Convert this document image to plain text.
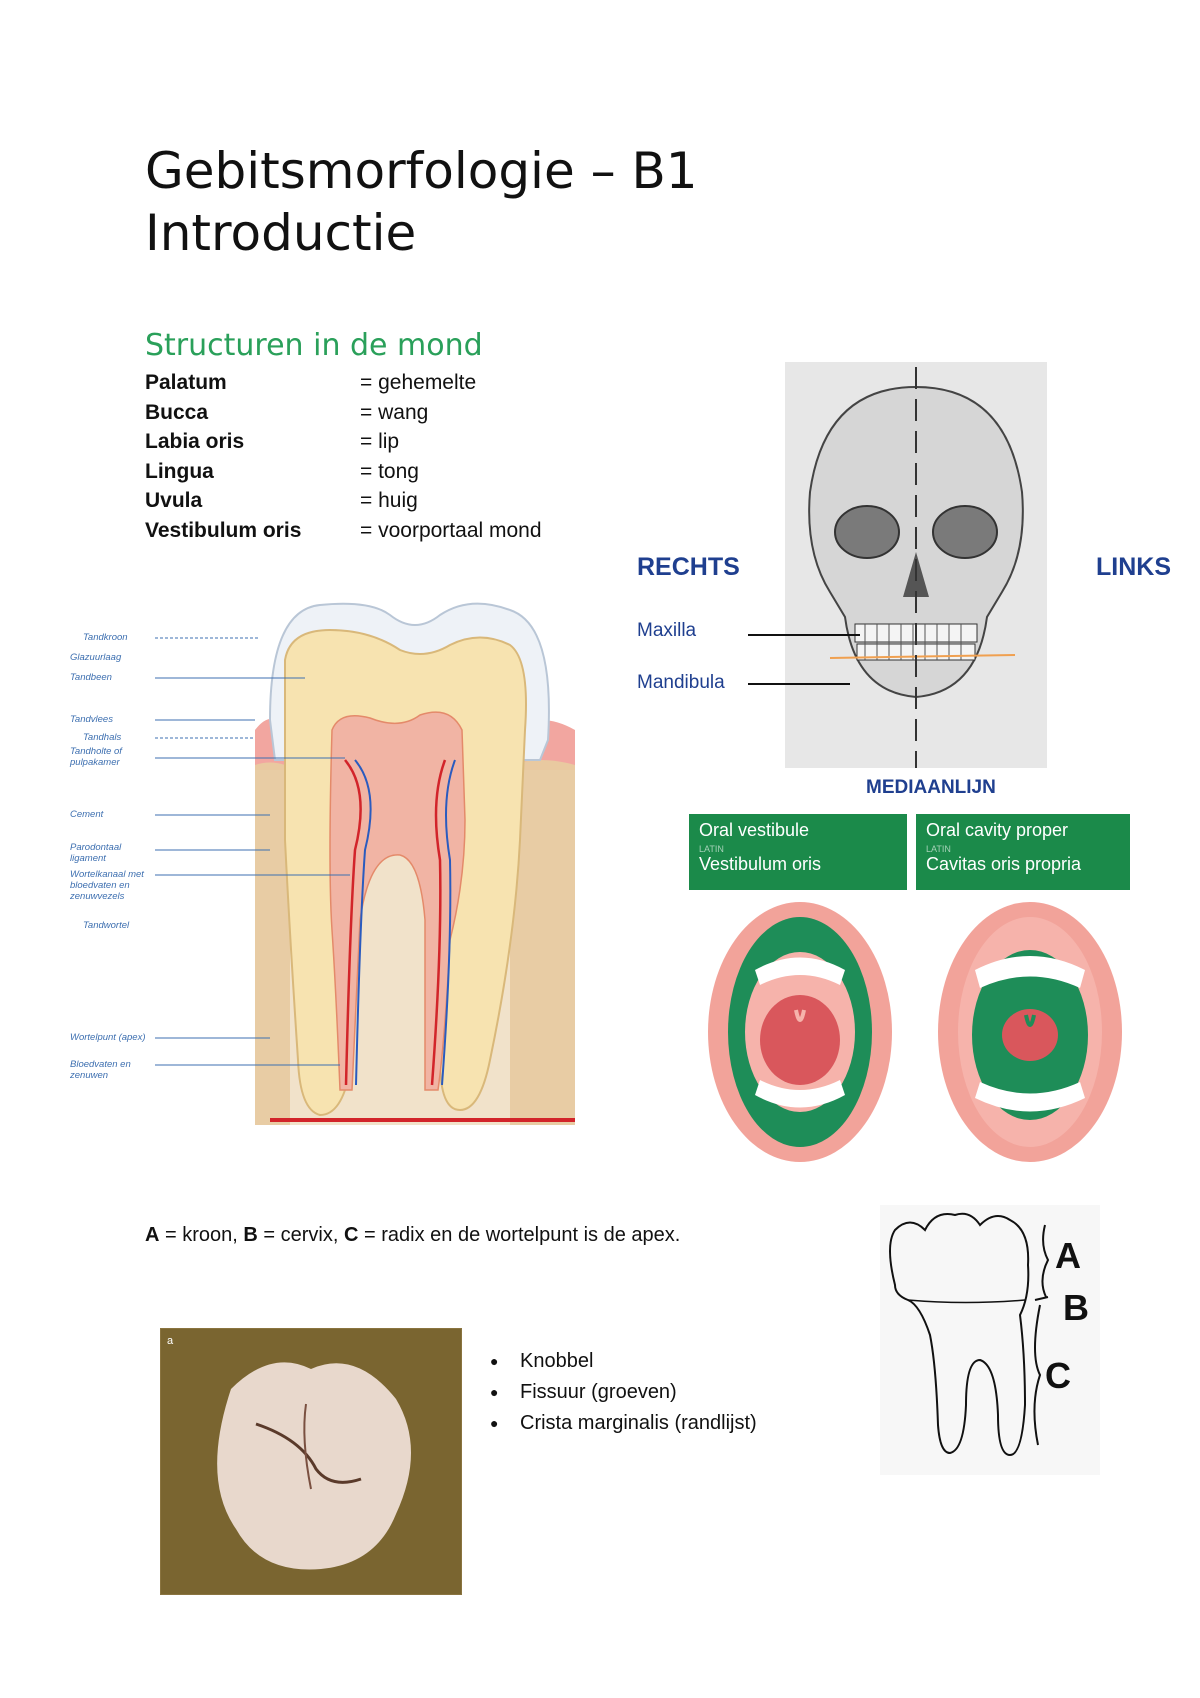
Gebitsmorfologie – B1
Introductie
Structuren in de mond
Palatum	= gehemelte
Bucca	= wang
Labia oris	= lip
Lingua	= tong
Uvula	= huig
Vestibulum oris	= voorportaal mond
Tandkroon
Glazuurlaag
Tandbeen
Tandvlees
Tandhals
Tandholte of pulpakamer
Cement
Parodontaal ligament
Wortelkanaal met bloedvaten en zenuwvezels
Tandwortel
Wortelpunt (apex)
Bloedvaten en zenuwen
RECHTS	LINKS
Maxilla
Mandibula
MEDIAANLIJN
Oral vestibule
LATIN
Vestibulum oris
Oral cavity proper
LATIN
Cavitas oris propria
A = kroon, B = cervix, C = radix en de wortelpunt is de apex.	A
B
C
a
● Knobbel
● Fissuur (groeven)
● Crista marginalis (randlijst)
